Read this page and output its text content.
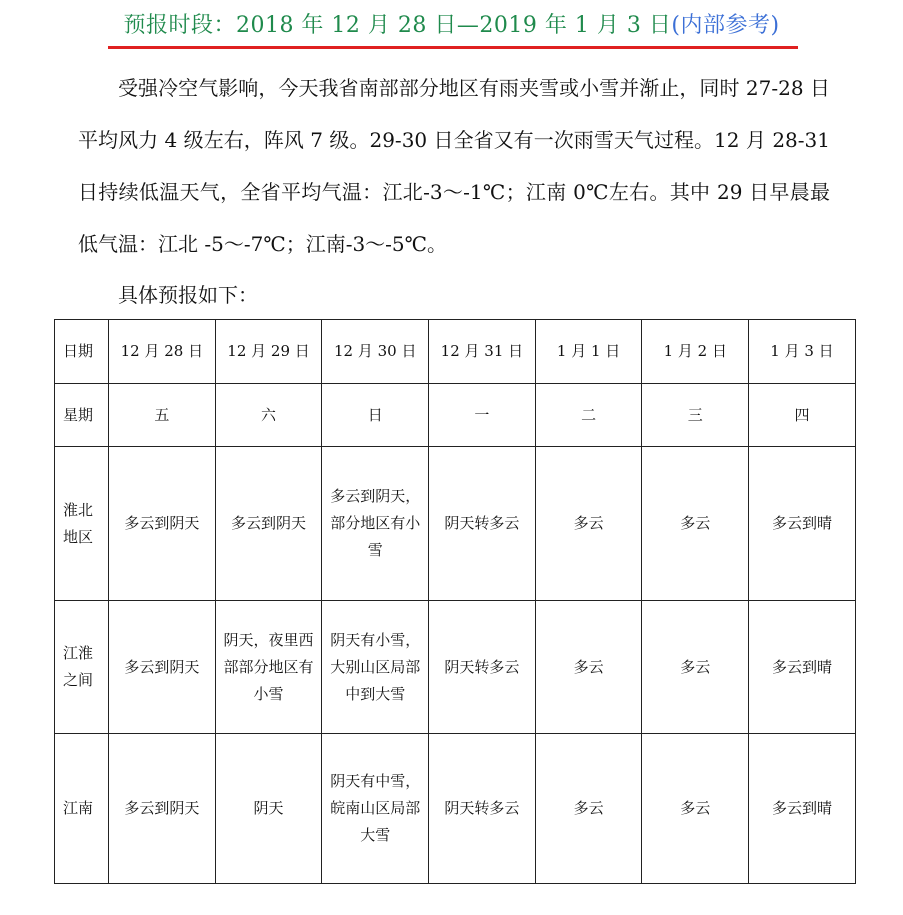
预报时段：2018 年 12 月 28 日—2019 年 1 月 3 日(内部参考)

受强冷空气影响，今天我省南部部分地区有雨夹雪或小雪并渐止，同时 27-28 日平均风力 4 级左右，阵风 7 级。29-30 日全省又有一次雨雪天气过程。12 月 28-31 日持续低温天气，全省平均气温：江北-3～-1℃；江南 0℃左右。其中 29 日早晨最低气温：江北 -5～-7℃；江南-3～-5℃。

具体预报如下：

日期	12 月 28 日	12 月 29 日	12 月 30 日	12 月 31 日	1 月 1 日	1 月 2 日	1 月 3 日
星期	五	六	日	一	二	三	四
淮北地区	多云到阴天	多云到阴天	多云到阴天，部分地区有小雪	阴天转多云	多云	多云	多云到晴
江淮之间	多云到阴天	阴天，夜里西部部分地区有小雪	阴天有小雪，大别山区局部中到大雪	阴天转多云	多云	多云	多云到晴
江南	多云到阴天	阴天	阴天有中雪，皖南山区局部大雪	阴天转多云	多云	多云	多云到晴
